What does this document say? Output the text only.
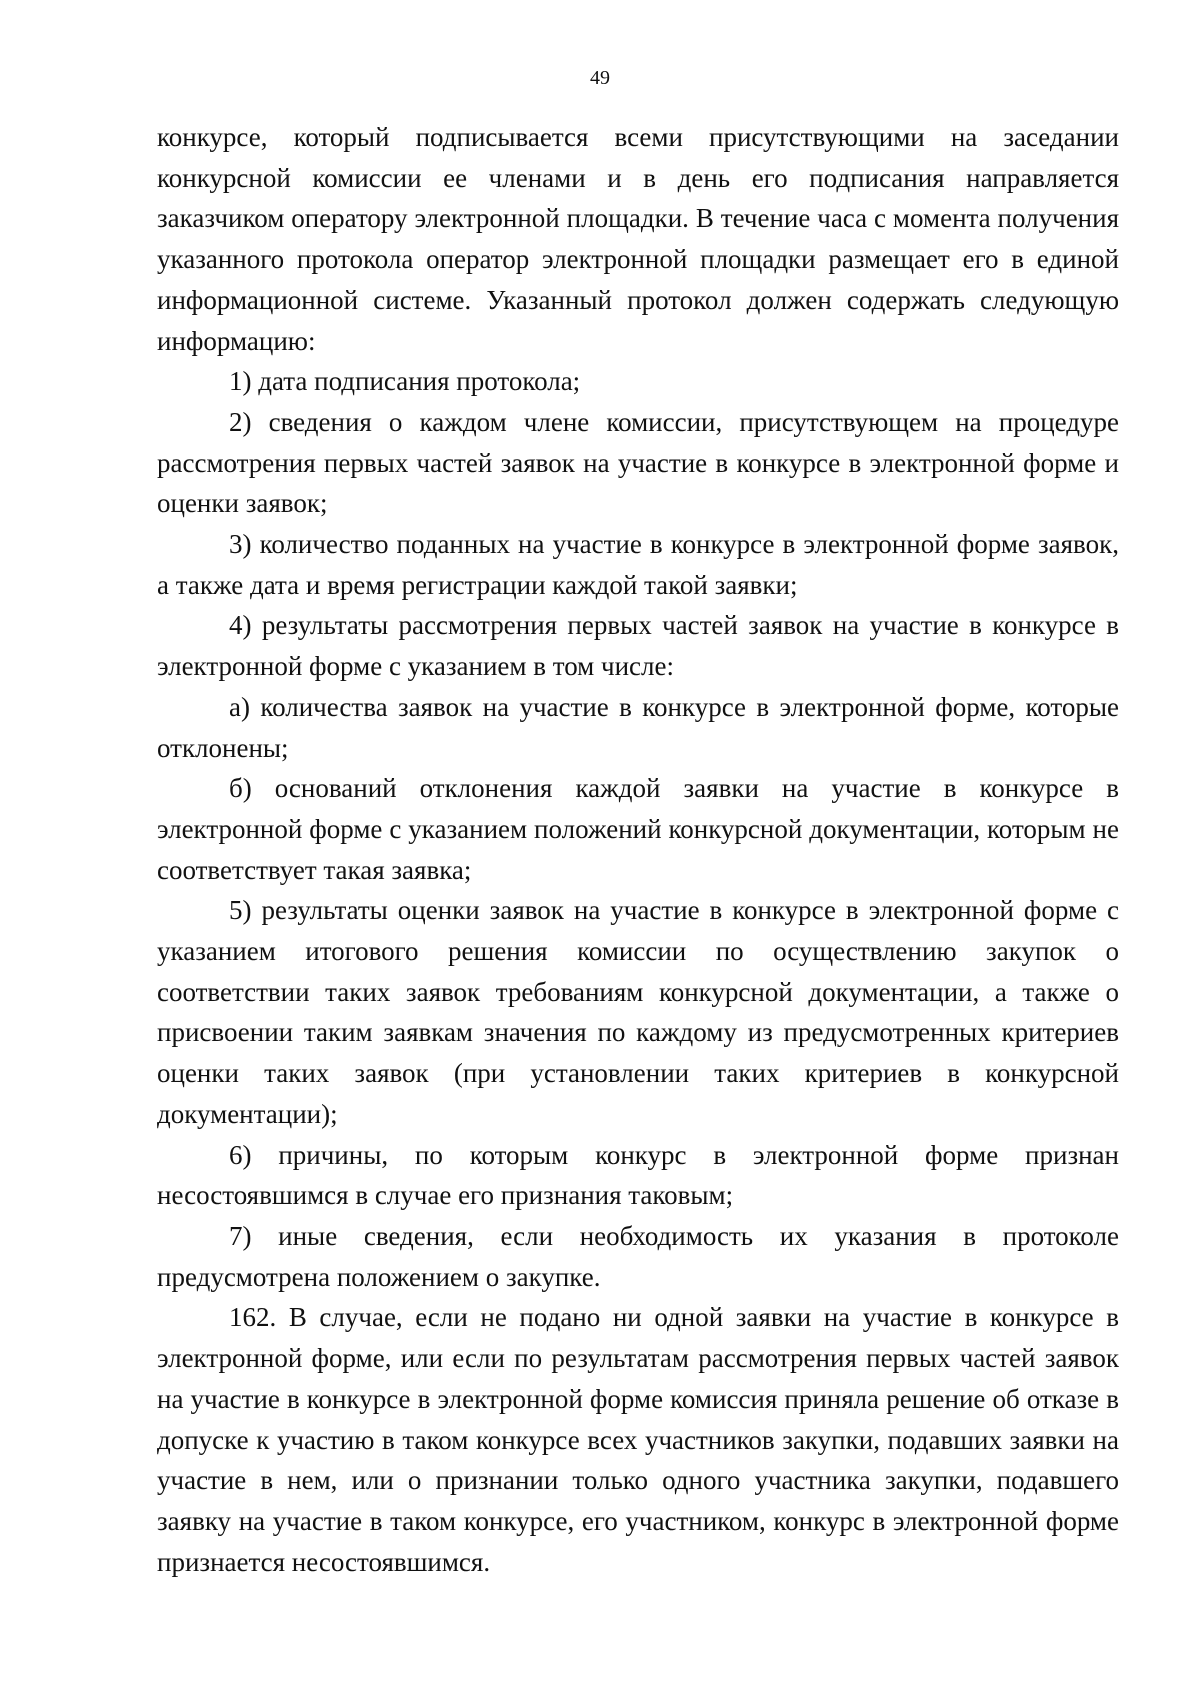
49

конкурсе, который подписывается всеми присутствующими на заседании конкурсной комиссии ее членами и в день его подписания направляется заказчиком оператору электронной площадки. В течение часа с момента получения указанного протокола оператор электронной площадки размещает его в единой информационной системе. Указанный протокол должен содержать следующую информацию:

1) дата подписания протокола;

2) сведения о каждом члене комиссии, присутствующем на процедуре рассмотрения первых частей заявок на участие в конкурсе в электронной форме и оценки заявок;

3) количество поданных на участие в конкурсе в электронной форме заявок, а также дата и время регистрации каждой такой заявки;

4) результаты рассмотрения первых частей заявок на участие в конкурсе в электронной форме с указанием в том числе:

а) количества заявок на участие в конкурсе в электронной форме, которые отклонены;

б) оснований отклонения каждой заявки на участие в конкурсе в электронной форме с указанием положений конкурсной документации, которым не соответствует такая заявка;

5) результаты оценки заявок на участие в конкурсе в электронной форме с указанием итогового решения комиссии по осуществлению закупок о соответствии таких заявок требованиям конкурсной документации, а также о присвоении таким заявкам значения по каждому из предусмотренных критериев оценки таких заявок (при установлении таких критериев в конкурсной документации);

6) причины, по которым конкурс в электронной форме признан несостоявшимся в случае его признания таковым;

7) иные сведения, если необходимость их указания в протоколе предусмотрена положением о закупке.

162. В случае, если не подано ни одной заявки на участие в конкурсе в электронной форме, или если по результатам рассмотрения первых частей заявок на участие в конкурсе в электронной форме комиссия приняла решение об отказе в допуске к участию в таком конкурсе всех участников закупки, подавших заявки на участие в нем, или о признании только одного участника закупки, подавшего заявку на участие в таком конкурсе, его участником, конкурс в электронной форме признается несостоявшимся.
